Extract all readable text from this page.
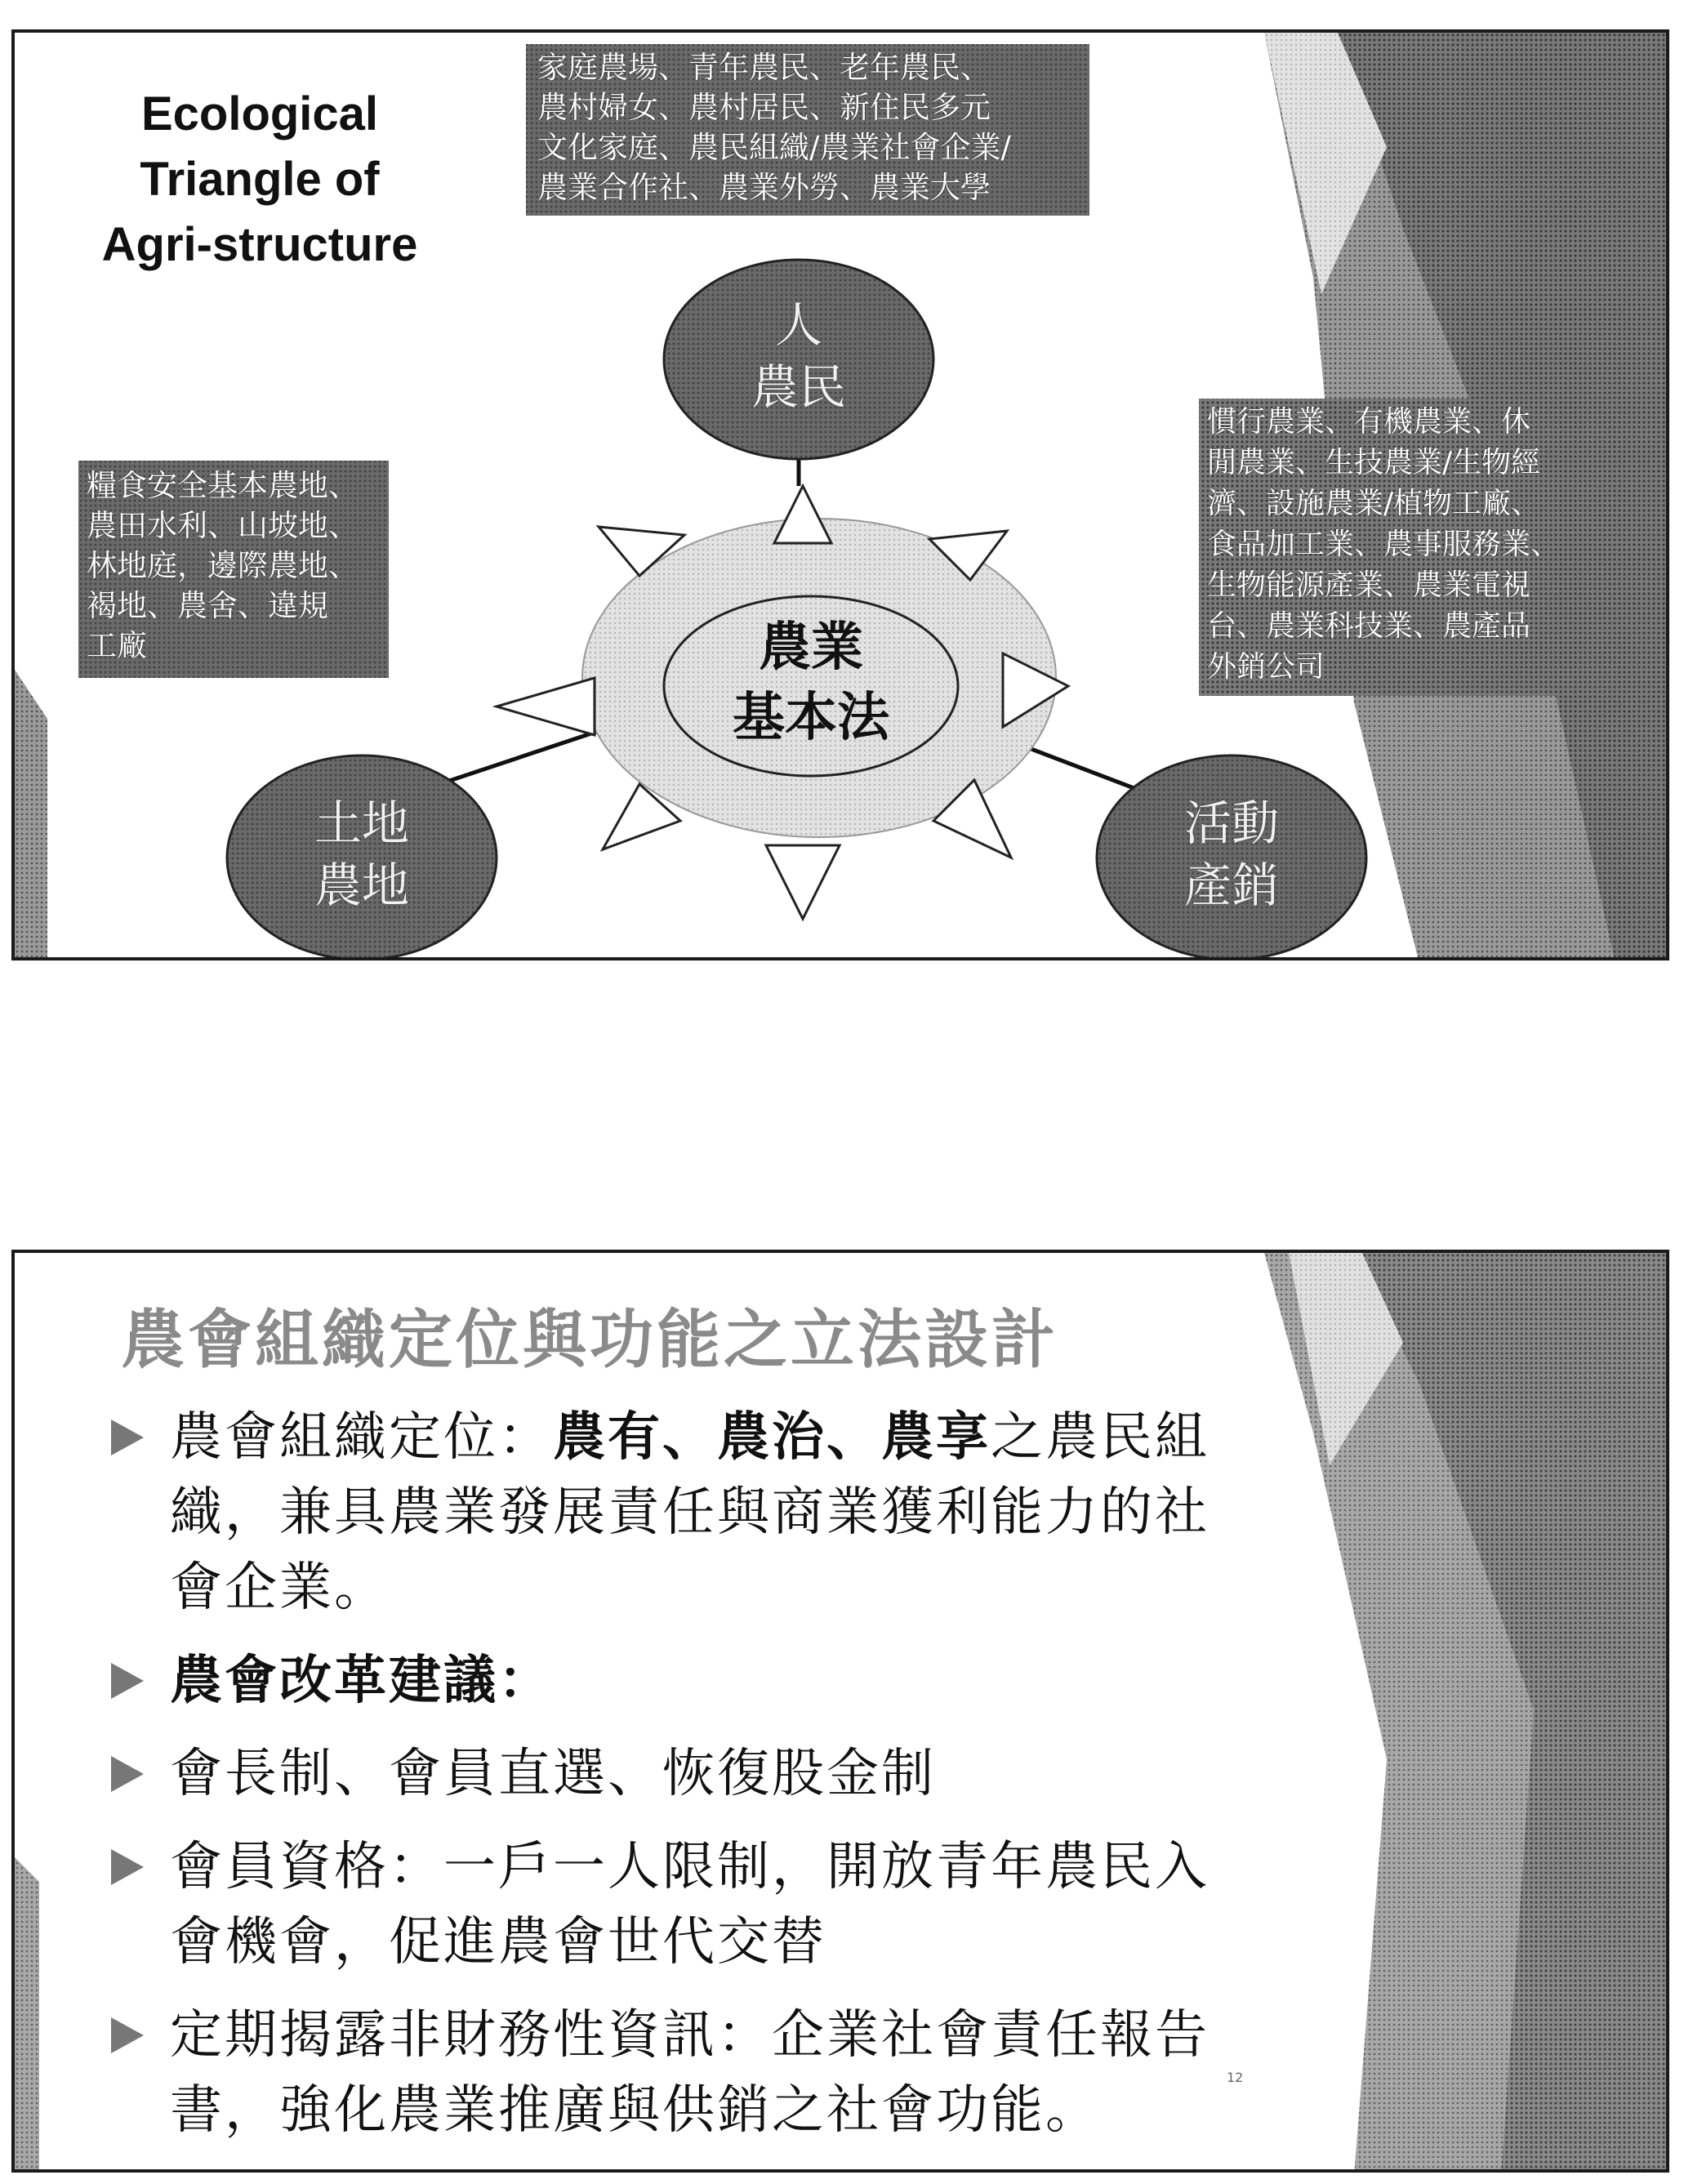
Ecological
Triangle of
Agri-structure
家庭農場、青年農民、老年農民、
農村婦女、農村居民、新住民多元
文化家庭、農民組織/農業社會企業/
農業合作社、農業外勞、農業大學
糧食安全基本農地、
農田水利、山坡地、
林地庭，邊際農地、
褐地、農舍、違規
工廠
慣行農業、有機農業、休
閒農業、生技農業/生物經
濟、設施農業/植物工廠、
食品加工業、農事服務業、
生物能源產業、農業電視
台、農業科技業、農產品
外銷公司
人
農民
土地
農地
活動
產銷
農業
基本法
農會組織定位與功能之立法設計
農會組織定位：農有、農治、農享之農民組
織，兼具農業發展責任與商業獲利能力的社
會企業。
農會改革建議：
會長制、會員直選、恢復股金制
會員資格：一戶一人限制，開放青年農民入
會機會，促進農會世代交替
定期揭露非財務性資訊：企業社會責任報告
書，強化農業推廣與供銷之社會功能。
12
